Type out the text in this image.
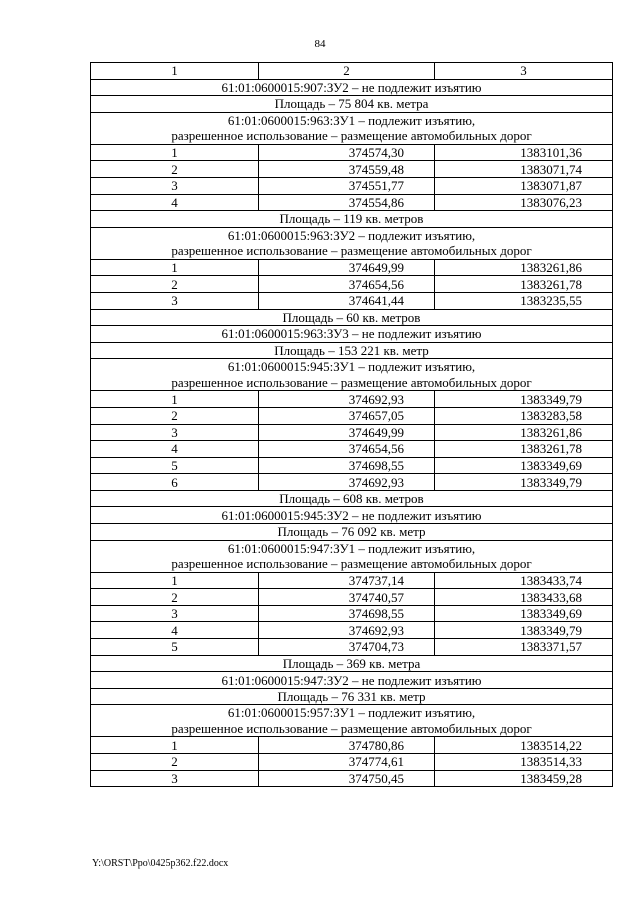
84
1	2	3
61:01:0600015:907:ЗУ2 – не подлежит изъятию		
Площадь – 75 804 кв. метра		
61:01:0600015:963:ЗУ1 – подлежит изъятию,
разрешенное использование – размещение автомобильных дорог		
1	374574,30	1383101,36
2	374559,48	1383071,74
3	374551,77	1383071,87
4	374554,86	1383076,23
Площадь – 119 кв. метров		
61:01:0600015:963:ЗУ2 – подлежит изъятию,
разрешенное использование – размещение автомобильных дорог		
1	374649,99	1383261,86
2	374654,56	1383261,78
3	374641,44	1383235,55
Площадь – 60 кв. метров		
61:01:0600015:963:ЗУ3 – не подлежит изъятию		
Площадь – 153 221 кв. метр		
61:01:0600015:945:ЗУ1 – подлежит изъятию,
разрешенное использование – размещение автомобильных дорог		
1	374692,93	1383349,79
2	374657,05	1383283,58
3	374649,99	1383261,86
4	374654,56	1383261,78
5	374698,55	1383349,69
6	374692,93	1383349,79
Площадь – 608 кв. метров		
61:01:0600015:945:ЗУ2 – не подлежит изъятию		
Площадь – 76 092 кв. метр		
61:01:0600015:947:ЗУ1 – подлежит изъятию,
разрешенное использование – размещение автомобильных дорог		
1	374737,14	1383433,74
2	374740,57	1383433,68
3	374698,55	1383349,69
4	374692,93	1383349,79
5	374704,73	1383371,57
Площадь – 369 кв. метра		
61:01:0600015:947:ЗУ2 – не подлежит изъятию		
Площадь – 76 331 кв. метр		
61:01:0600015:957:ЗУ1 – подлежит изъятию,
разрешенное использование – размещение автомобильных дорог		
1	374780,86	1383514,22
2	374774,61	1383514,33
3	374750,45	1383459,28
Y:\ORST\Ppo\0425p362.f22.docx
